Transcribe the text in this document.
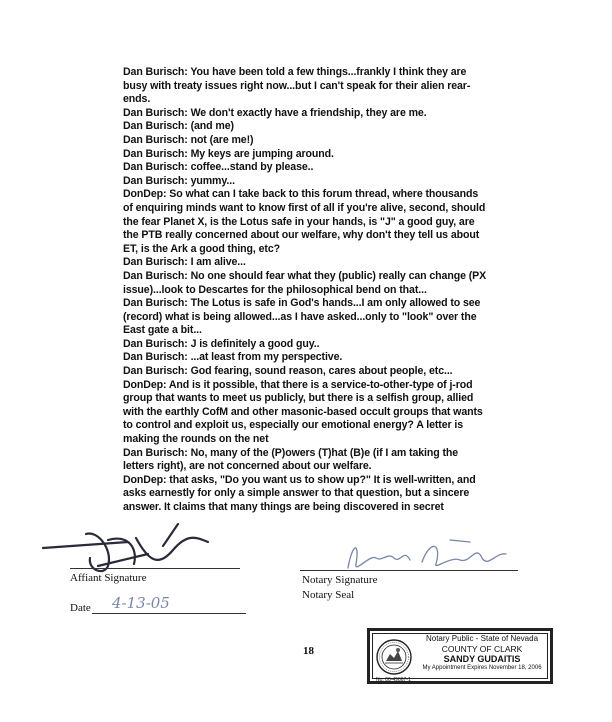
Dan Burisch: You have been told a few things...frankly I think they are
busy with treaty issues right now...but I can't speak for their alien rear-
ends.
Dan Burisch: We don't exactly have a friendship, they are me.
Dan Burisch: (and me)
Dan Burisch: not (are me!)
Dan Burisch: My keys are jumping around.
Dan Burisch: coffee...stand by please..
Dan Burisch: yummy...
DonDep: So what can I take back to this forum thread, where thousands
of enquiring minds want to know first of all if you're alive, second, should
the fear Planet X, is the Lotus safe in your hands, is "J" a good guy, are
the PTB really concerned about our welfare, why don't they tell us about
ET, is the Ark a good thing, etc?
Dan Burisch: I am alive...
Dan Burisch: No one should fear what they (public) really can change (PX
issue)...look to Descartes for the philosophical bend on that...
Dan Burisch: The Lotus is safe in God's hands...I am only allowed to see
(record) what is being allowed...as I have asked...only to "look" over the
East gate a bit...
Dan Burisch: J is definitely a good guy..
Dan Burisch: ...at least from my perspective.
Dan Burisch: God fearing, sound reason, cares about people, etc...
DonDep: And is it possible, that there is a service-to-other-type of j-rod
group that wants to meet us publicly, but there is a selfish group, allied
with the earthly CofM and other masonic-based occult groups that wants
to control and exploit us, especially our emotional energy? A letter is
making the rounds on the net
Dan Burisch: No, many of the (P)owers (T)hat (B)e (if I am taking the
letters right), are not concerned about our welfare.
DonDep: that asks, "Do you want us to show up?" It is well-written, and
asks earnestly for only a simple answer to that question, but a sincere
answer. It claims that many things are being discovered in secret
Affiant Signature
Date 4-13-05
Notary Signature
Notary Seal
18
Notary Public - State of Nevada
COUNTY OF CLARK
SANDY GUDAITIS
My Appointment Expires November 18, 2006
No. 00-49667-1
